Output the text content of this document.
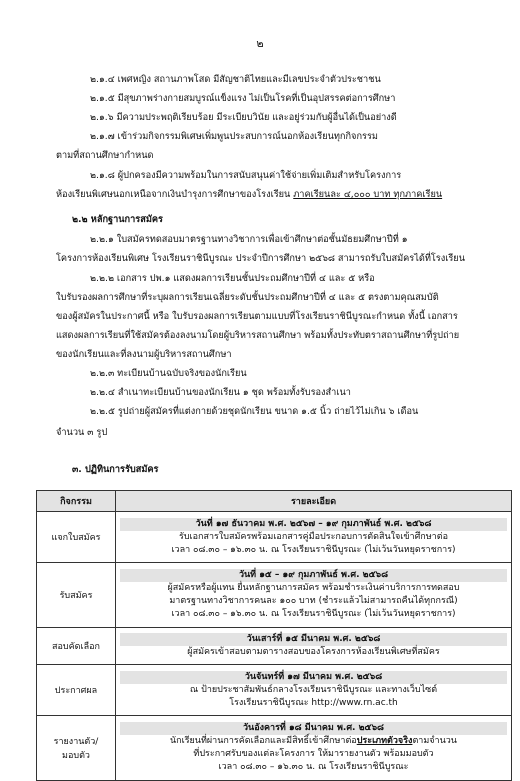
๒
๒.๑.๔ เพศหญิง สถานภาพโสด มีสัญชาติไทยและมีเลขประจำตัวประชาชน
๒.๑.๕ มีสุขภาพร่างกายสมบูรณ์แข็งแรง ไม่เป็นโรคที่เป็นอุปสรรคต่อการศึกษา
๒.๑.๖ มีความประพฤติเรียบร้อย มีระเบียบวินัย และอยู่ร่วมกับผู้อื่นได้เป็นอย่างดี
๒.๑.๗ เข้าร่วมกิจกรรมพิเศษเพิ่มพูนประสบการณ์นอกห้องเรียนทุกกิจกรรม
ตามที่สถานศึกษากำหนด
๒.๑.๘ ผู้ปกครองมีความพร้อมในการสนับสนุนค่าใช้จ่ายเพิ่มเติมสำหรับโครงการ
ห้องเรียนพิเศษนอกเหนือจากเงินบำรุงการศึกษาของโรงเรียน ภาคเรียนละ ๔,๐๐๐ บาท ทุกภาคเรียน
๒.๒ หลักฐานการสมัคร
๒.๒.๑ ใบสมัครทดสอบมาตรฐานทางวิชาการเพื่อเข้าศึกษาต่อชั้นมัธยมศึกษาปีที่ ๑
โครงการห้องเรียนพิเศษ โรงเรียนราชินีบูรณะ ประจำปีการศึกษา ๒๕๖๘ สามารถรับใบสมัครได้ที่โรงเรียน
๒.๒.๒ เอกสาร ปพ.๑ แสดงผลการเรียนชั้นประถมศึกษาปีที่ ๔ และ ๕ หรือ
ใบรับรองผลการศึกษาที่ระบุผลการเรียนเฉลี่ยระดับชั้นประถมศึกษาปีที่ ๔ และ ๕ ตรงตามคุณสมบัติ
ของผู้สมัครในประกาศนี้ หรือ ใบรับรองผลการเรียนตามแบบที่โรงเรียนราชินีบูรณะกำหนด ทั้งนี้ เอกสาร
แสดงผลการเรียนที่ใช้สมัครต้องลงนามโดยผู้บริหารสถานศึกษา พร้อมทั้งประทับตราสถานศึกษาที่รูปถ่าย
ของนักเรียนและที่ลงนามผู้บริหารสถานศึกษา
๒.๒.๓ ทะเบียนบ้านฉบับจริงของนักเรียน
๒.๒.๔ สำเนาทะเบียนบ้านของนักเรียน ๑ ชุด พร้อมทั้งรับรองสำเนา
๒.๒.๕ รูปถ่ายผู้สมัครที่แต่งกายด้วยชุดนักเรียน ขนาด ๑.๕ นิ้ว ถ่ายไว้ไม่เกิน ๖ เดือน
จำนวน ๓ รูป
๓. ปฏิทินการรับสมัคร
กิจกรรม	รายละเอียด
แจกใบสมัคร	วันที่ ๑๗ ธันวาคม พ.ศ. ๒๕๖๗ – ๑๙ กุมภาพันธ์ พ.ศ. ๒๕๖๘
รับเอกสารใบสมัครพร้อมเอกสารคู่มือประกอบการตัดสินใจเข้าศึกษาต่อ
เวลา ๐๘.๓๐ – ๑๖.๓๐ น. ณ โรงเรียนราชินีบูรณะ (ไม่เว้นวันหยุดราชการ)

รับสมัคร	วันที่ ๑๕ – ๑๙ กุมภาพันธ์ พ.ศ. ๒๕๖๘
ผู้สมัครหรือผู้แทน ยื่นหลักฐานการสมัคร พร้อมชำระเงินค่าบริการการทดสอบ
มาตรฐานทางวิชาการคนละ ๑๐๐ บาท (ชำระแล้วไม่สามารถคืนได้ทุกกรณี)
เวลา ๐๘.๓๐ – ๑๖.๓๐ น. ณ โรงเรียนราชินีบูรณะ (ไม่เว้นวันหยุดราชการ)

สอบคัดเลือก	วันเสาร์ที่ ๑๕ มีนาคม พ.ศ. ๒๕๖๘
ผู้สมัครเข้าสอบตามตารางสอบของโครงการห้องเรียนพิเศษที่สมัคร

ประกาศผล	วันจันทร์ที่ ๑๗ มีนาคม พ.ศ. ๒๕๖๘
ณ ป้ายประชาสัมพันธ์กลางโรงเรียนราชินีบูรณะ และทางเว็บไซต์
โรงเรียนราชินีบูรณะ http://www.rn.ac.th

รายงานตัว/มอบตัว	วันอังคารที่ ๑๘ มีนาคม พ.ศ. ๒๕๖๘
นักเรียนที่ผ่านการคัดเลือกและมีสิทธิ์เข้าศึกษาต่อประเภทตัวจริงตามจำนวน
ที่ประกาศรับของแต่ละโครงการ ให้มารายงานตัว พร้อมมอบตัว
เวลา ๐๘.๓๐ – ๑๖.๓๐ น. ณ โรงเรียนราชินีบูรณะ
